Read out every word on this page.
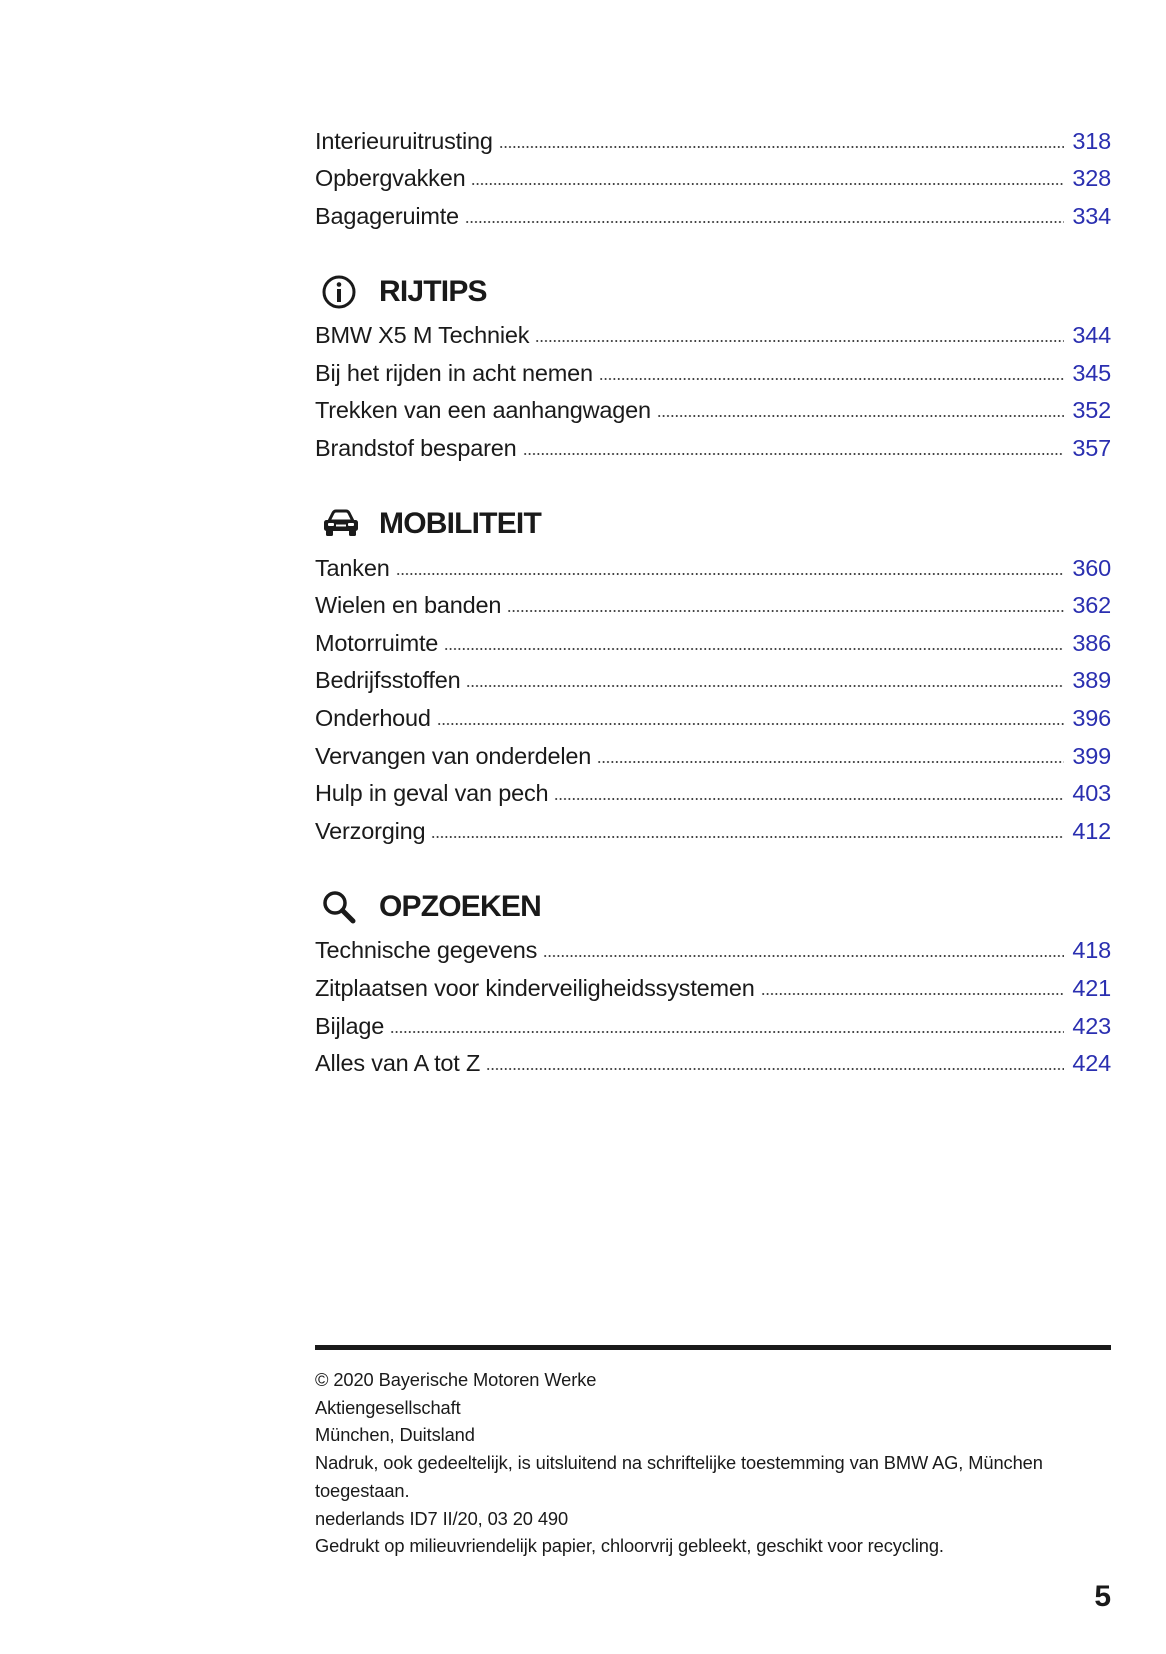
Interieuruitrusting	318
Opbergvakken	328
Bagageruimte	334
RIJTIPS
BMW X5 M Techniek	344
Bij het rijden in acht nemen	345
Trekken van een aanhangwagen	352
Brandstof besparen	357
MOBILITEIT
Tanken	360
Wielen en banden	362
Motorruimte	386
Bedrijfsstoffen	389
Onderhoud	396
Vervangen van onderdelen	399
Hulp in geval van pech	403
Verzorging	412
OPZOEKEN
Technische gegevens	418
Zitplaatsen voor kinderveiligheidssystemen	421
Bijlage	423
Alles van A tot Z	424
© 2020 Bayerische Motoren Werke
Aktiengesellschaft
München, Duitsland
Nadruk, ook gedeeltelijk, is uitsluitend na schriftelijke toestemming van BMW AG, München
toegestaan.
nederlands ID7 II/20, 03 20 490
Gedrukt op milieuvriendelijk papier, chloorvrij gebleekt, geschikt voor recycling.
5
